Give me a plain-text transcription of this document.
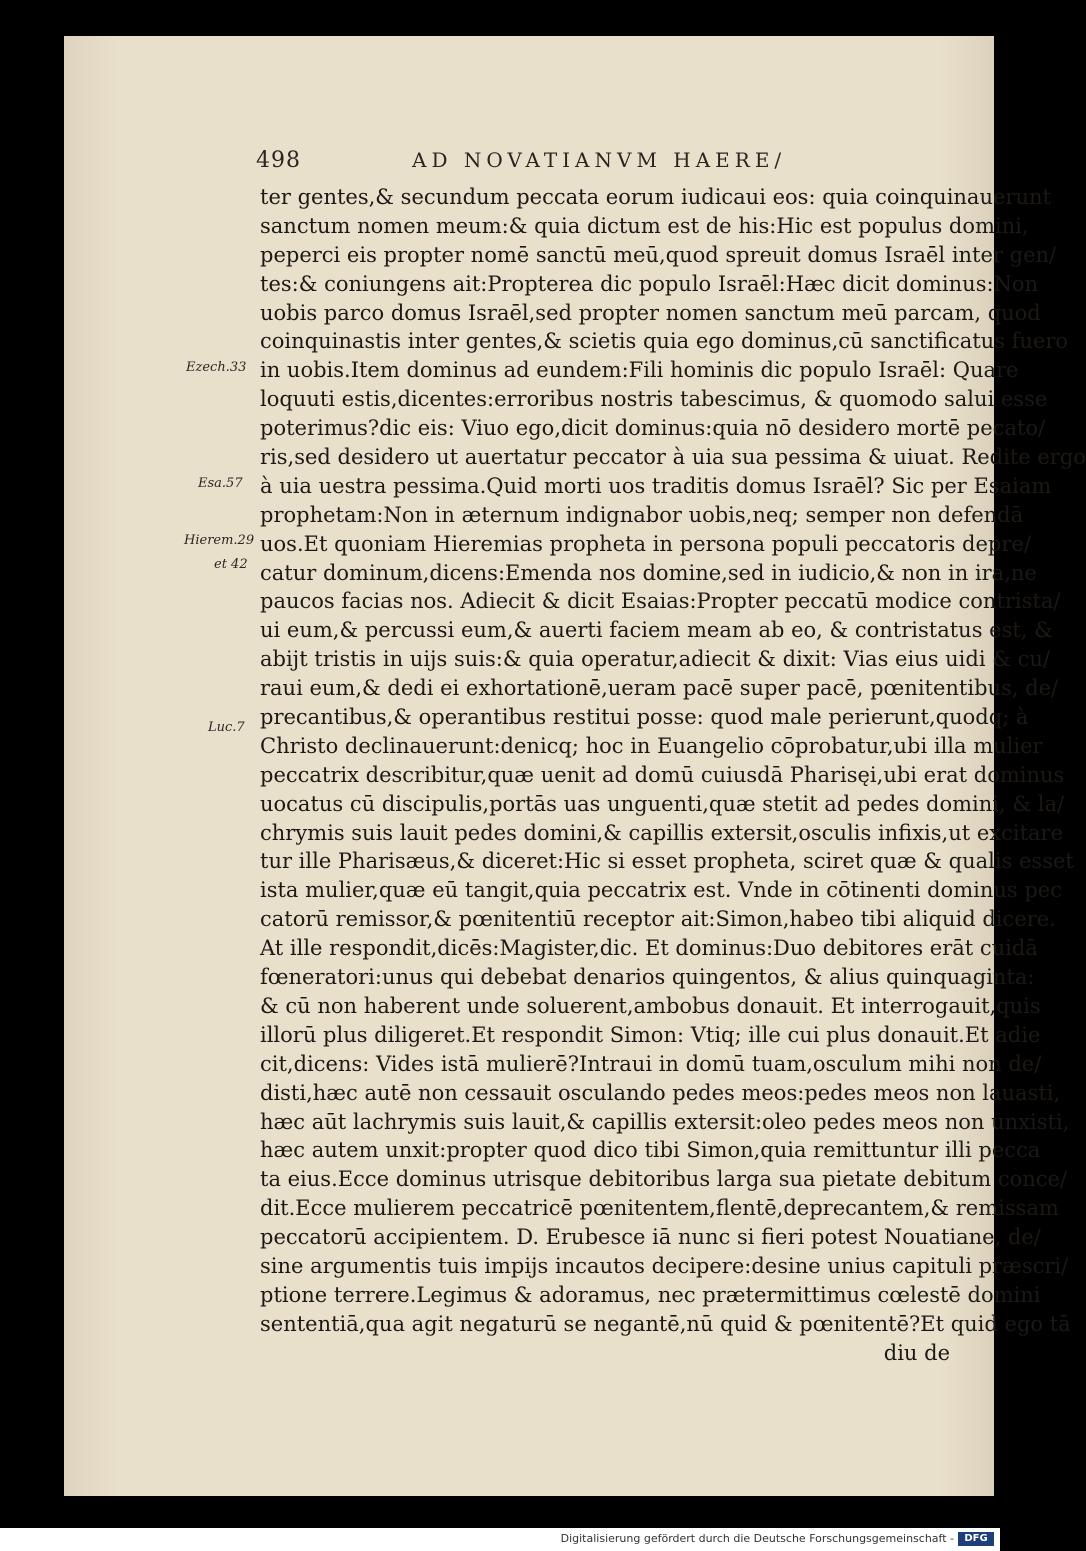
498	AD NOVATIANVM HAERE/
Ezech.33
Esa.57
Hierem.29
et 42
Luc.7
ter gentes,& secundum peccata eorum iudicaui eos: quia coinquinauerunt
sanctum nomen meum:& quia dictum est de his:Hic est populus domini,
peperci eis propter nomē sanctū meū,quod spreuit domus Israēl inter gen/
tes:& coniungens ait:Propterea dic populo Israēl:Hæc dicit dominus:Non
uobis parco domus Israēl,sed propter nomen sanctum meū parcam, quod
coinquinastis inter gentes,& scietis quia ego dominus,cū sanctificatus fuero
in uobis.Item dominus ad eundem:Fili hominis dic populo Israēl: Quare
loquuti estis,dicentes:erroribus nostris tabescimus, & quomodo salui esse
poterimus?dic eis: Viuo ego,dicit dominus:quia nō desidero mortē pecato/
ris,sed desidero ut auertatur peccator à uia sua pessima & uiuat. Redite ergo
à uia uestra pessima.Quid morti uos traditis domus Israēl? Sic per Esaiam
prophetam:Non in æternum indignabor uobis,neq; semper non defendā
uos.Et quoniam Hieremias propheta in persona populi peccatoris depre/
catur dominum,dicens:Emenda nos domine,sed in iudicio,& non in ira,ne
paucos facias nos. Adiecit & dicit Esaias:Propter peccatū modice contrista/
ui eum,& percussi eum,& auerti faciem meam ab eo, & contristatus est, &
abijt tristis in uijs suis:& quia operatur,adiecit & dixit: Vias eius uidi & cu/
raui eum,& dedi ei exhortationē,ueram pacē super pacē, pœnitentibus, de/
precantibus,& operantibus restitui posse: quod male perierunt,quodq; à
Christo declinauerunt:denicq; hoc in Euangelio cōprobatur,ubi illa mulier
peccatrix describitur,quæ uenit ad domū cuiusdā Pharisęi,ubi erat dominus
uocatus cū discipulis,portās uas unguenti,quæ stetit ad pedes domini, & la/
chrymis suis lauit pedes domini,& capillis extersit,osculis infixis,ut excitare
tur ille Pharisæus,& diceret:Hic si esset propheta, sciret quæ & qualis esset
ista mulier,quæ eū tangit,quia peccatrix est. Vnde in cōtinenti dominus pec
catorū remissor,& pœnitentiū receptor ait:Simon,habeo tibi aliquid dicere.
At ille respondit,dicēs:Magister,dic. Et dominus:Duo debitores erāt cuidā
fœneratori:unus qui debebat denarios quingentos, & alius quinquaginta:
& cū non haberent unde soluerent,ambobus donauit. Et interrogauit,quis
illorū plus diligeret.Et respondit Simon: Vtiq; ille cui plus donauit.Et adie
cit,dicens: Vides istā mulierē?Intraui in domū tuam,osculum mihi non de/
disti,hæc autē non cessauit osculando pedes meos:pedes meos non lauasti,
hæc aūt lachrymis suis lauit,& capillis extersit:oleo pedes meos non unxisti,
hæc autem unxit:propter quod dico tibi Simon,quia remittuntur illi pecca
ta eius.Ecce dominus utrisque debitoribus larga sua pietate debitum conce/
dit.Ecce mulierem peccatricē pœnitentem,flentē,deprecantem,& remissam
peccatorū accipientem. D. Erubesce iā nunc si fieri potest Nouatiane, de/
sine argumentis tuis impijs incautos decipere:desine unius capituli præscri/
ptione terrere.Legimus & adoramus, nec prætermittimus cœlestē domini
sententiā,qua agit negaturū se negantē,nū quid & pœnitentē?Et quid ego tā
diu de
Digitalisierung gefördert durch die Deutsche Forschungsgemeinschaft -	DFG
